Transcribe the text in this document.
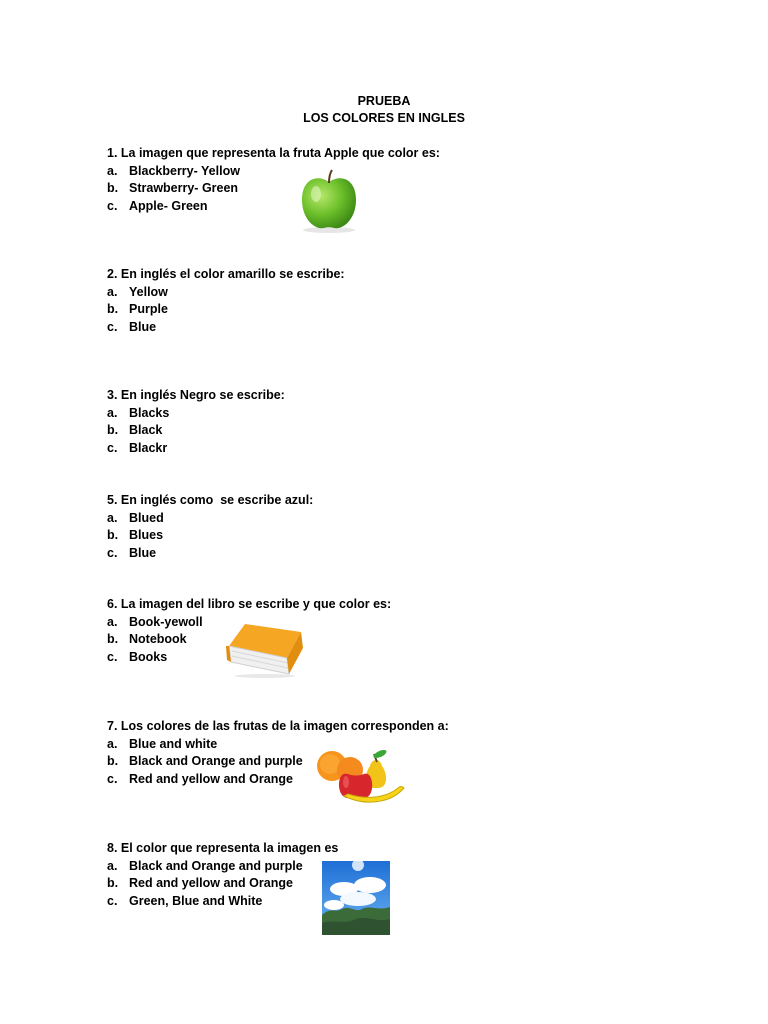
PRUEBA
LOS COLORES EN INGLES
1. La imagen que representa la fruta Apple que color es:
a. Blackberry- Yellow
b. Strawberry- Green
c. Apple- Green
2. En inglés el color amarillo se escribe:
a. Yellow
b. Purple
c. Blue
3. En inglés Negro se escribe:
a. Blacks
b. Black
c. Blackr
5. En inglés como  se escribe azul:
a. Blued
b. Blues
c. Blue
6. La imagen del libro se escribe y que color es:
a. Book-yewoll
b. Notebook
c. Books
7. Los colores de las frutas de la imagen corresponden a:
a. Blue and white
b. Black and Orange and purple
c. Red and yellow and Orange
8. El color que representa la imagen es
a. Black and Orange and purple
b. Red and yellow and Orange
c. Green, Blue and White
